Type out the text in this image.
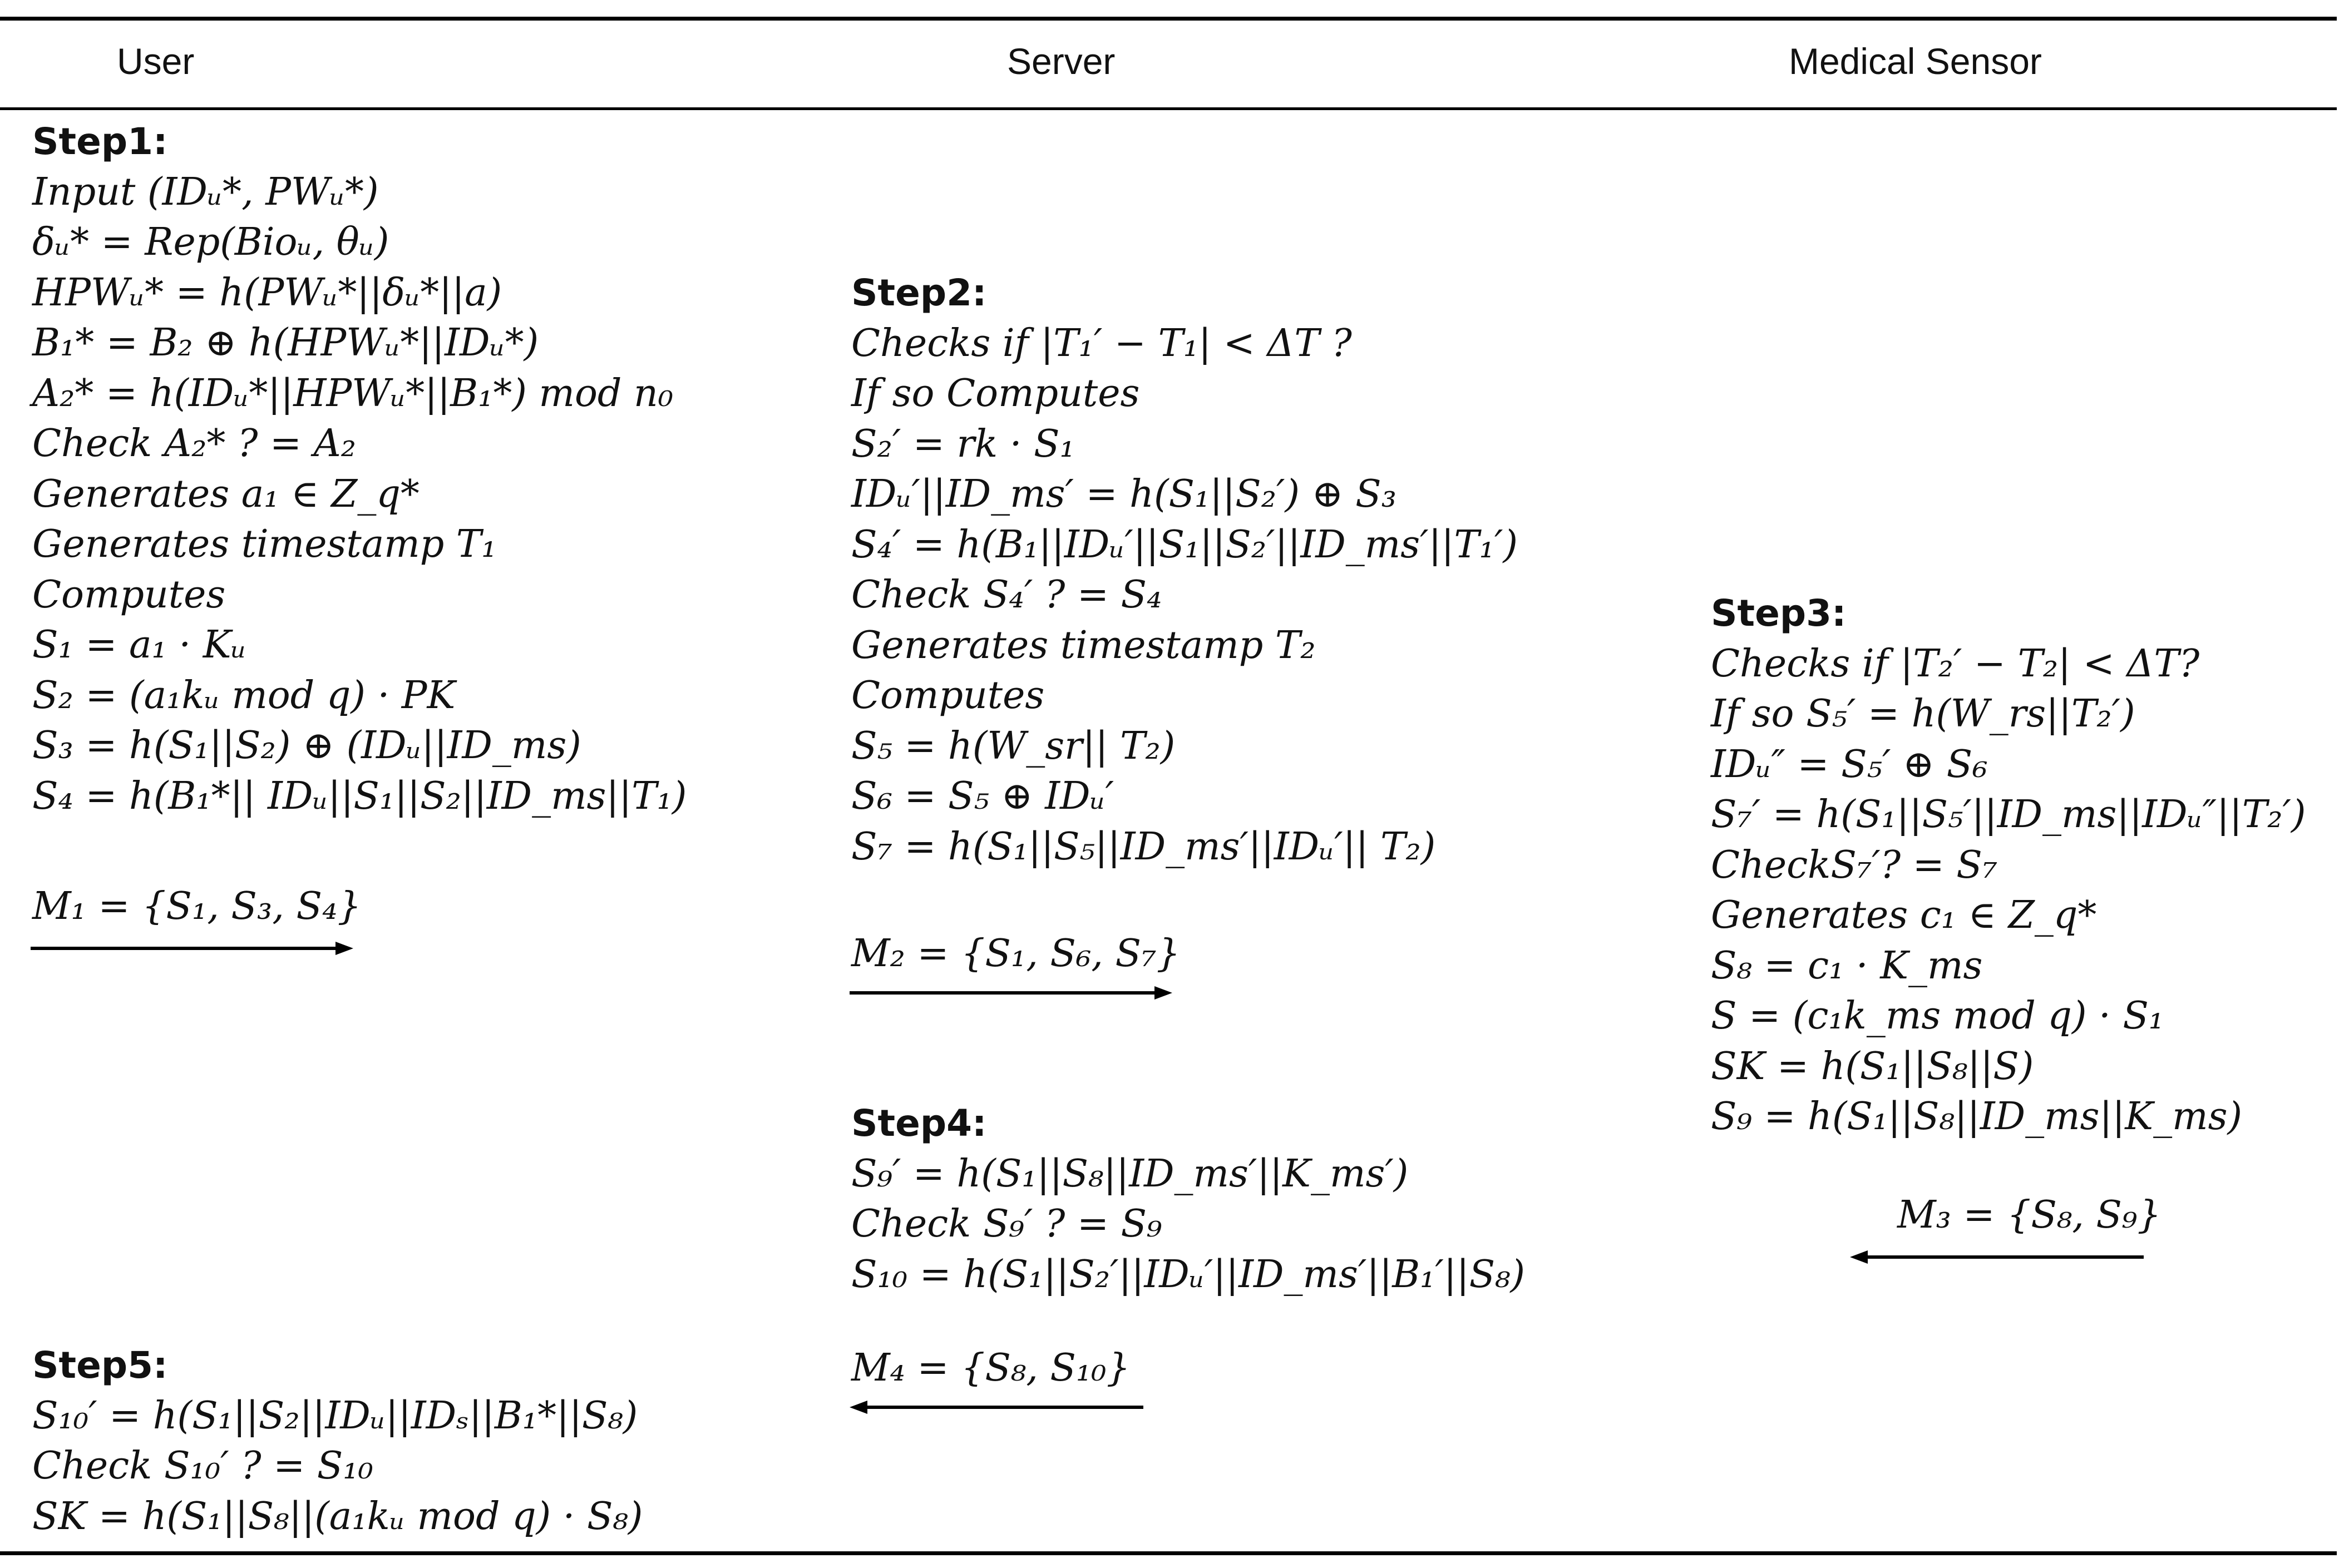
User	Server	Medical Sensor
Step1:
Input (IDᵤ*, PWᵤ*)
δᵤ* = Rep(Bioᵤ, θᵤ)
HPWᵤ* = h(PWᵤ*||δᵤ*||a)
B₁* = B₂ ⊕ h(HPWᵤ*||IDᵤ*)
A₂* = h(IDᵤ*||HPWᵤ*||B₁*) mod n₀
Check A₂* ? = A₂
Generates a₁ ∈ Z_q*
Generates timestamp T₁
Computes
S₁ = a₁ · Kᵤ
S₂ = (a₁kᵤ mod q) · PK
S₃ = h(S₁||S₂) ⊕ (IDᵤ||ID_ms)
S₄ = h(B₁*|| IDᵤ||S₁||S₂||ID_ms||T₁)
M₁ = {S₁, S₃, S₄}
Step2:
Checks if |T₁′ − T₁| < ΔT ?
If so Computes
S₂′ = rk · S₁
IDᵤ′||ID_ms′ = h(S₁||S₂′) ⊕ S₃
S₄′ = h(B₁||IDᵤ′||S₁||S₂′||ID_ms′||T₁′)
Check S₄′ ? = S₄
Generates timestamp T₂
Computes
S₅ = h(W_sr|| T₂)
S₆ = S₅ ⊕ IDᵤ′
S₇ = h(S₁||S₅||ID_ms′||IDᵤ′|| T₂)
M₂ = {S₁, S₆, S₇}
Step4:
S₉′ = h(S₁||S₈||ID_ms′||K_ms′)
Check S₉′ ? = S₉
S₁₀ = h(S₁||S₂′||IDᵤ′||ID_ms′||B₁′||S₈)
M₄ = {S₈, S₁₀}
Step3:
Checks if |T₂′ − T₂| < ΔT?
If so S₅′ = h(W_rs||T₂′)
IDᵤ″ = S₅′ ⊕ S₆
S₇′ = h(S₁||S₅′||ID_ms||IDᵤ″||T₂′)
CheckS₇′? = S₇
Generates c₁ ∈ Z_q*
S₈ = c₁ · K_ms
S = (c₁k_ms mod q) · S₁
SK = h(S₁||S₈||S)
S₉ = h(S₁||S₈||ID_ms||K_ms)
M₃ = {S₈, S₉}
Step5:
S₁₀′ = h(S₁||S₂||IDᵤ||IDₛ||B₁*||S₈)
Check S₁₀′ ? = S₁₀
SK = h(S₁||S₈||(a₁kᵤ mod q) · S₈)
